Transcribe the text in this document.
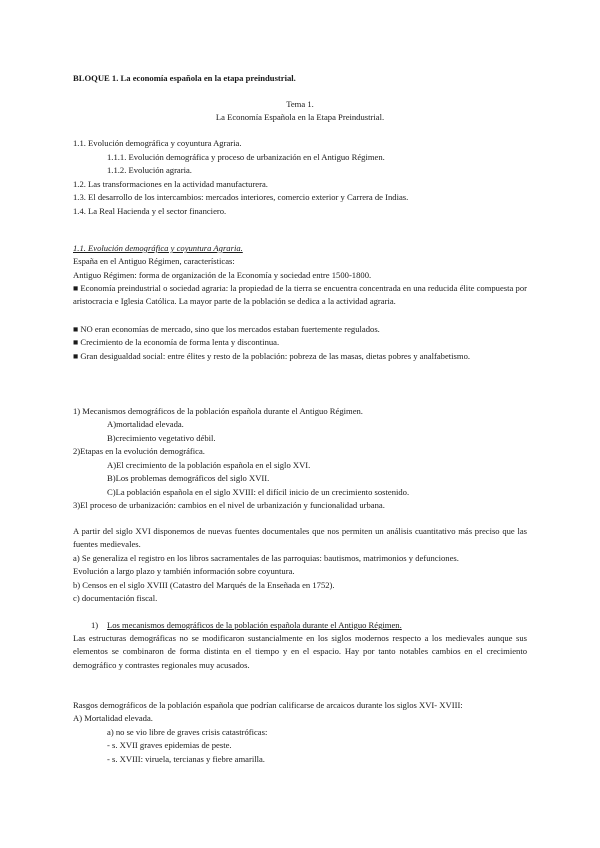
BLOQUE 1. La economía española en la etapa preindustrial.
Tema 1.
La Economía Española en la Etapa Preindustrial.
1.1. Evolución demográfica y coyuntura Agraria.
1.1.1. Evolución demográfica y proceso de urbanización en el Antiguo Régimen.
1.1.2. Evolución agraria.
1.2. Las transformaciones en la actividad manufacturera.
1.3. El desarrollo de los intercambios: mercados interiores, comercio exterior y Carrera de Indias.
1.4. La Real Hacienda y el sector financiero.
1.1. Evolución demográfica y coyuntura Agraria.
España en el Antiguo Régimen, características:
Antiguo Régimen: forma de organización de la Economía y sociedad entre 1500-1800.
■ Economía preindustrial o sociedad agraria: la propiedad de la tierra se encuentra concentrada en una reducida élite compuesta por aristocracia e Iglesia Católica. La mayor parte de la población se dedica a la actividad agraria.
■ NO eran economías de mercado, sino que los mercados estaban fuertemente regulados.
■ Crecimiento de la economía de forma lenta y discontinua.
■ Gran desigualdad social: entre élites y resto de la población: pobreza de las masas, dietas pobres y analfabetismo.
1) Mecanismos demográficos de la población española durante el Antiguo Régimen.
A)mortalidad elevada.
B)crecimiento vegetativo débil.
2)Etapas en la evolución demográfica.
A)El crecimiento de la población española en el siglo XVI.
B)Los problemas demográficos del siglo XVII.
C)La población española en el siglo XVIII: el difícil inicio de un crecimiento sostenido.
3)El proceso de urbanización: cambios en el nivel de urbanización y funcionalidad urbana.
A partir del siglo XVI disponemos de nuevas fuentes documentales que nos permiten un análisis cuantitativo más preciso que las fuentes medievales.
a) Se generaliza el registro en los libros sacramentales de las parroquias: bautismos, matrimonios y defunciones.
Evolución a largo plazo y también información sobre coyuntura.
b) Censos en el siglo XVIII (Catastro del Marqués de la Enseñada en 1752).
c) documentación fiscal.
1) Los mecanismos demográficos de la población española durante el Antiguo Régimen.
Las estructuras demográficas no se modificaron sustancialmente en los siglos modernos respecto a los medievales aunque sus elementos se combinaron de forma distinta en el tiempo y en el espacio. Hay por tanto notables cambios en el crecimiento demográfico y contrastes regionales muy acusados.
Rasgos demográficos de la población española que podrían calificarse de arcaicos durante los siglos XVI- XVIII:
A) Mortalidad elevada.
a) no se vio libre de graves crisis catastróficas:
- s. XVII graves epidemias de peste.
- s. XVIII: viruela, tercianas y fiebre amarilla.
